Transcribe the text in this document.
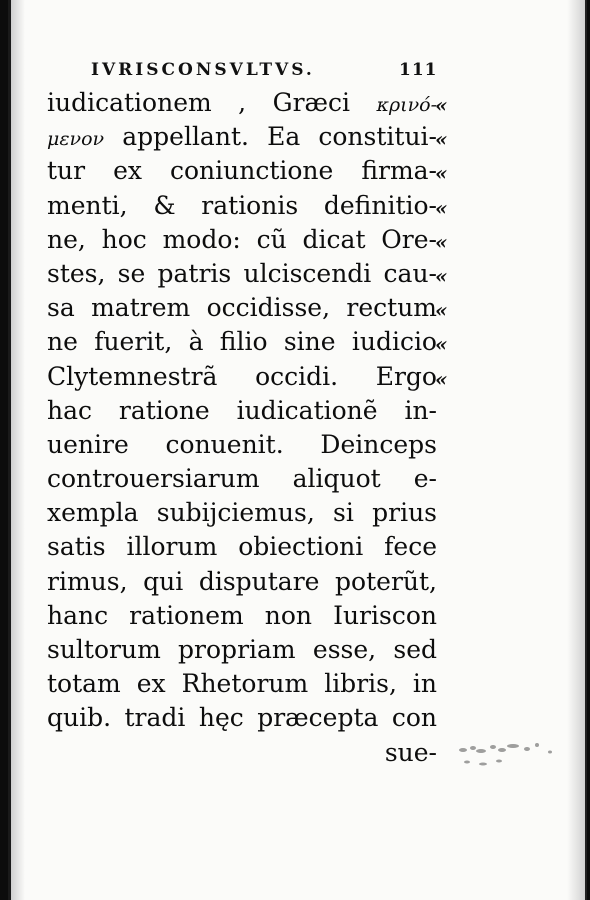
IVRISCONSVLTVS.	111
iudicationem , Græci κρινό-
μενον appellant. Ea constitui-
tur ex coniunctione firma-
menti, & rationis definitio-
ne, hoc modo: cũ dicat Ore-
stes, se patris ulciscendi cau-
sa matrem occidisse, rectum
ne fuerit, à filio sine iudicio
Clytemnestrã occidi. Ergo
hac ratione iudicationẽ in-
uenire conuenit. Deinceps
controuersiarum aliquot e-
xempla subijciemus, si prius
satis illorum obiectioni fece
rimus, qui disputare poterũt,
hanc rationem non Iuriscon
sultorum propriam esse, sed
totam ex Rhetorum libris, in
quib. tradi hęc præcepta con
sue-
«
«
«
«
«
«
«
«
«
